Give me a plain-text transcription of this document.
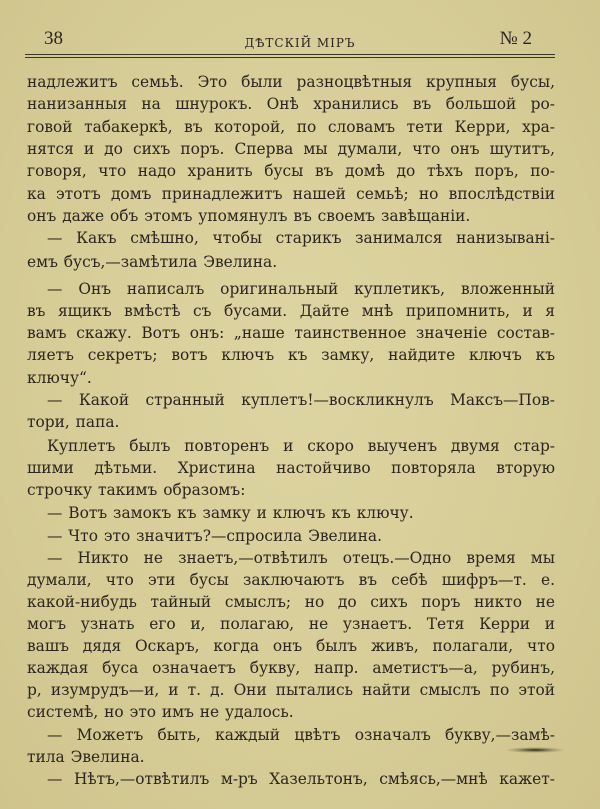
38	ДѢТСКIЙ МIРЪ	№ 2
надлежитъ семьѣ. Это были разноцвѣтныя крупныя бусы,
нанизанныя на шнурокъ. Онѣ хранились въ большой ро-
говой табакеркѣ, въ которой, по словамъ тети Керри, хра-
нятся и до сихъ поръ. Сперва мы думали, что онъ шутитъ,
говоря, что надо хранить бусы въ домѣ до тѣхъ поръ, по-
ка этотъ домъ принадлежитъ нашей семьѣ; но впослѣдствiи
онъ даже объ этомъ упомянулъ въ своемъ завѣщанiи.
— Какъ смѣшно, чтобы старикъ занимался нанизыванi-
емъ бусъ,—замѣтила Эвелина.
— Онъ написалъ оригинальный куплетикъ, вложенный
въ ящикъ вмѣстѣ съ бусами. Дайте мнѣ припомнить, и я
вамъ скажу. Вотъ онъ: „наше таинственное значенiе состав-
ляетъ секретъ; вотъ ключъ къ замку, найдите ключъ къ
ключу“.
— Какой странный куплетъ!—воскликнулъ Максъ—Пов-
тори, папа.
Куплетъ былъ повторенъ и скоро выученъ двумя стар-
шими дѣтьми. Христина настойчиво повторяла вторую
строчку такимъ образомъ:
— Вотъ замокъ къ замку и ключъ къ ключу.
— Что это значитъ?—спросила Эвелина.
— Никто не знаетъ,—отвѣтилъ отецъ.—Одно время мы
думали, что эти бусы заключаютъ въ себѣ шифръ—т. е.
какой-нибудь тайный смыслъ; но до сихъ поръ никто не
могъ узнать его и, полагаю, не узнаетъ. Тетя Керри и
вашъ дядя Оскаръ, когда онъ былъ живъ, полагали, что
каждая буса означаетъ букву, напр. аметистъ—а, рубинъ,
р, изумрудъ—и, и т. д. Они пытались найти смыслъ по этой
системѣ, но это имъ не удалось.
— Можетъ быть, каждый цвѣтъ означалъ букву,—замѣ-
тила Эвелина.
— Нѣтъ,—отвѣтилъ м-ръ Хазельтонъ, смѣясь,—мнѣ кажет-
